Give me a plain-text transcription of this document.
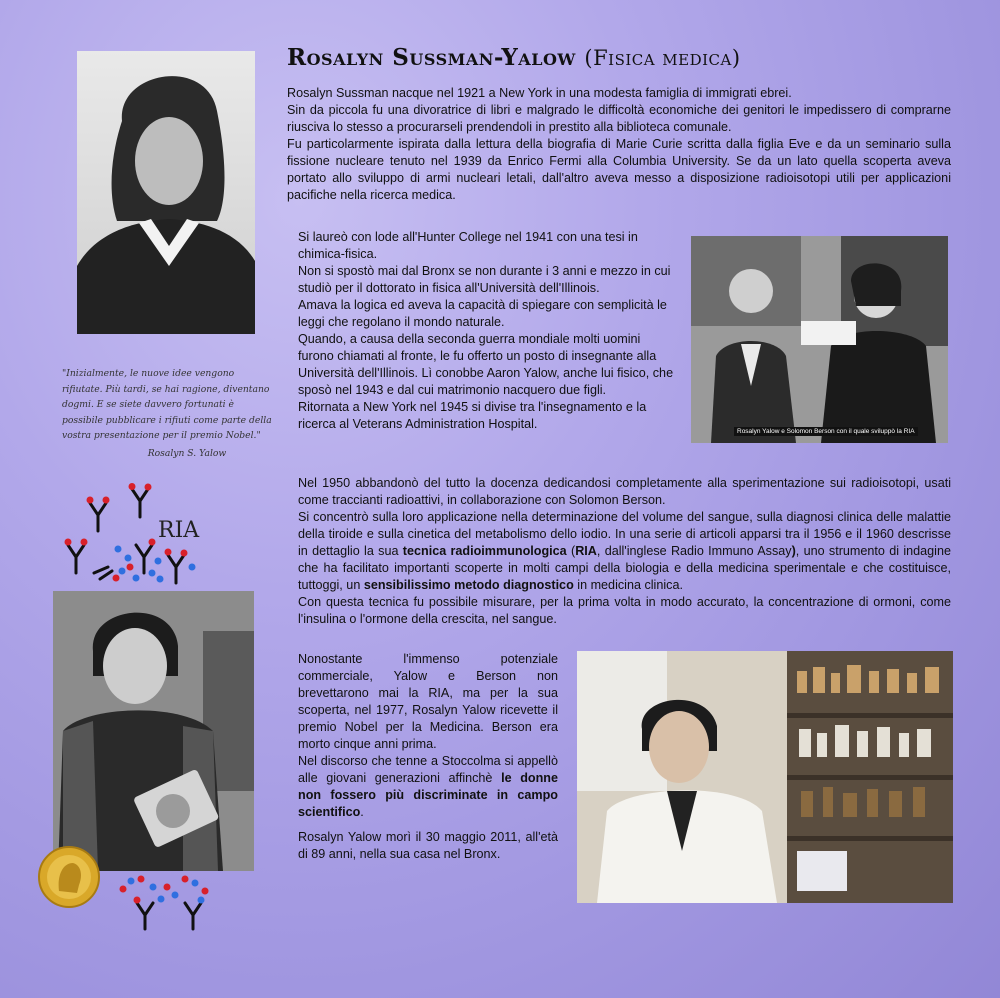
Rosalyn Sussman-Yalow (Fisica medica)

Rosalyn Sussman nacque nel 1921 a New York in una modesta famiglia di immigrati ebrei.

Sin da piccola fu una divoratrice di libri e malgrado le difficoltà economiche dei genitori le impedissero di comprarne riusciva lo stesso a procurarseli prendendoli in prestito alla biblioteca comunale.

Fu particolarmente ispirata dalla lettura della biografia di Marie Curie scritta dalla figlia Eve e da un seminario sulla fissione nucleare tenuto nel 1939 da Enrico Fermi alla Columbia University. Se da un lato quella scoperta aveva portato allo sviluppo di armi nucleari letali, dall'altro aveva messo a disposizione radioisotopi utili per applicazioni pacifiche nella ricerca medica.

Si laureò con lode all'Hunter College nel 1941 con una tesi in chimica-fisica.

Non si spostò mai dal Bronx se non durante i 3 anni e mezzo in cui studiò per il dottorato in fisica all'Università dell'Illinois.

Amava la logica ed aveva la capacità di spiegare con semplicità le leggi che regolano il mondo naturale.

Quando, a causa della seconda guerra mondiale molti uomini furono chiamati al fronte, le fu offerto un posto di insegnante alla Università dell'Illinois. Lì conobbe Aaron Yalow, anche lui fisico, che sposò nel 1943 e dal cui matrimonio nacquero due figli.

Ritornata a New York nel 1945 si divise tra l'insegnamento e la ricerca al Veterans Administration Hospital.

Rosalyn Yalow e Solomon Berson con il quale sviluppò la RIA
"Inizialmente, le nuove idee vengono rifiutate. Più tardi, se hai ragione, diventano dogmi. E se siete davvero fortunati è possibile pubblicare i rifiuti come parte della vostra presentazione per il premio Nobel."
Rosalyn S. Yalow
RIA

Nel 1950 abbandonò del tutto la docenza dedicandosi completamente alla sperimentazione sui radioisotopi, usati come traccianti radioattivi, in collaborazione con Solomon Berson.

Si concentrò sulla loro applicazione nella determinazione del volume del sangue, sulla diagnosi clinica delle malattie della tiroide e sulla cinetica del metabolismo dello iodio. In una serie di articoli apparsi tra il 1956 e il 1960 descrisse in dettaglio la sua tecnica radioimmunologica (RIA, dall'inglese Radio Immuno Assay), uno strumento di indagine che ha facilitato importanti scoperte in molti campi della biologia e della medicina sperimentale e che costituisce, tuttoggi, un sensibilissimo metodo diagnostico in medicina clinica.

Con questa tecnica fu possibile misurare, per la prima volta in modo accurato, la concentrazione di ormoni, come l'insulina o l'ormone della crescita, nel sangue.

Nonostante l'immenso potenziale commerciale, Yalow e Berson non brevettarono mai la RIA, ma per la sua scoperta, nel 1977, Rosalyn Yalow ricevette il premio Nobel per la Medicina. Berson era morto cinque anni prima.

Nel discorso che tenne a Stoccolma si appellò alle giovani generazioni affinchè le donne non fossero più discriminate in campo scientifico.

Rosalyn Yalow morì il 30 maggio 2011, all'età di 89 anni, nella sua casa nel Bronx.
